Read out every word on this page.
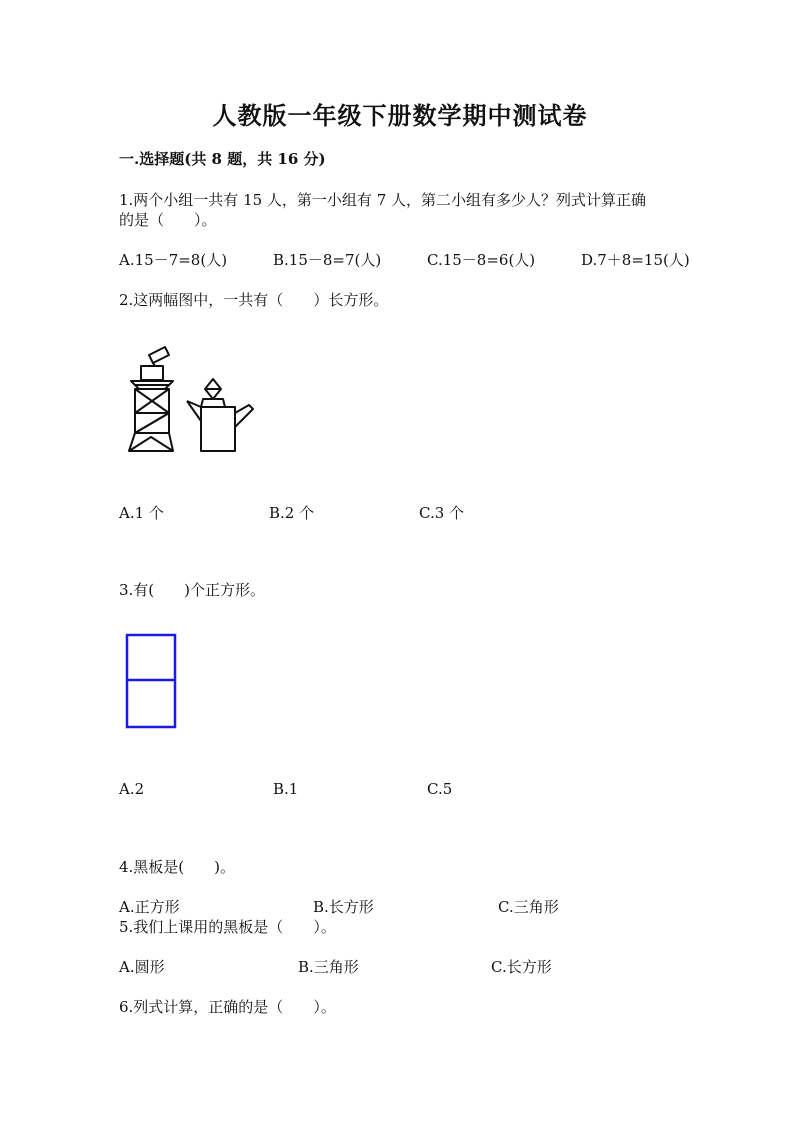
人教版一年级下册数学期中测试卷
一.选择题(共 8 题，共 16 分)
1.两个小组一共有 15 人，第一小组有 7 人，第二小组有多少人？列式计算正确
的是（　　）。
A.15－7=8(人)	B.15－8=7(人)	C.15－8=6(人)	D.7＋8=15(人)
2.这两幅图中，一共有（　　）长方形。
A.1 个	B.2 个	C.3 个
3.有(　　)个正方形。
A.2	B.1	C.5
4.黑板是(　　)。
A.正方形	B.长方形	C.三角形
5.我们上课用的黑板是（　　）。
A.圆形	B.三角形	C.长方形
6.列式计算，正确的是（　　）。
